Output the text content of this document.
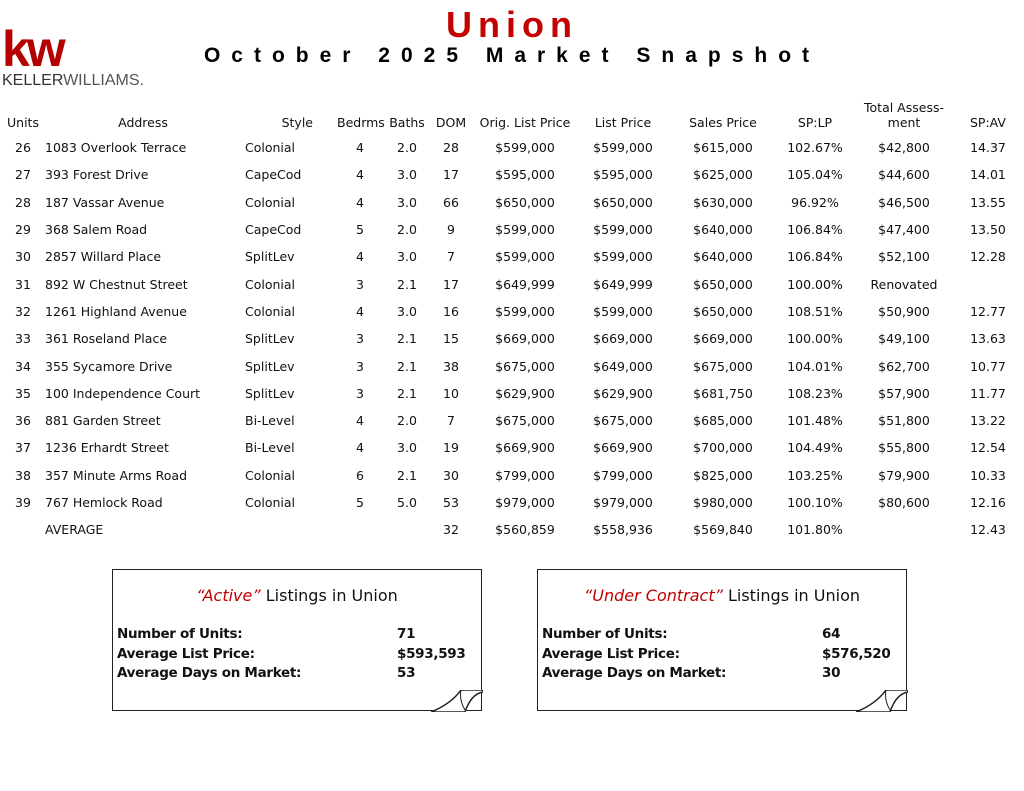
kw
KELLERWILLIAMS.
Union
October 2025 Market Snapshot
Units	Address	Style	Bedrms	Baths	DOM	Orig. List Price	List Price	Sales Price	SP:LP	Total Assess-ment	SP:AV
26	1083 Overlook Terrace	Colonial	4	2.0	28	$599,000	$599,000	$615,000	102.67%	$42,800	14.37
27	393 Forest Drive	CapeCod	4	3.0	17	$595,000	$595,000	$625,000	105.04%	$44,600	14.01
28	187 Vassar Avenue	Colonial	4	3.0	66	$650,000	$650,000	$630,000	96.92%	$46,500	13.55
29	368 Salem Road	CapeCod	5	2.0	9	$599,000	$599,000	$640,000	106.84%	$47,400	13.50
30	2857 Willard Place	SplitLev	4	3.0	7	$599,000	$599,000	$640,000	106.84%	$52,100	12.28
31	892 W Chestnut Street	Colonial	3	2.1	17	$649,999	$649,999	$650,000	100.00%	Renovated	
32	1261 Highland Avenue	Colonial	4	3.0	16	$599,000	$599,000	$650,000	108.51%	$50,900	12.77
33	361 Roseland Place	SplitLev	3	2.1	15	$669,000	$669,000	$669,000	100.00%	$49,100	13.63
34	355 Sycamore Drive	SplitLev	3	2.1	38	$675,000	$649,000	$675,000	104.01%	$62,700	10.77
35	100 Independence Court	SplitLev	3	2.1	10	$629,900	$629,900	$681,750	108.23%	$57,900	11.77
36	881 Garden Street	Bi-Level	4	2.0	7	$675,000	$675,000	$685,000	101.48%	$51,800	13.22
37	1236 Erhardt Street	Bi-Level	4	3.0	19	$669,900	$669,900	$700,000	104.49%	$55,800	12.54
38	357 Minute Arms Road	Colonial	6	2.1	30	$799,000	$799,000	$825,000	103.25%	$79,900	10.33
39	767 Hemlock Road	Colonial	5	5.0	53	$979,000	$979,000	$980,000	100.10%	$80,600	12.16
	AVERAGE				32	$560,859	$558,936	$569,840	101.80%		12.43
“Active” Listings in Union
Number of Units:	71
Average List Price:	$593,593
Average Days on Market:	53
“Under Contract” Listings in Union
Number of Units:	64
Average List Price:	$576,520
Average Days on Market:	30
